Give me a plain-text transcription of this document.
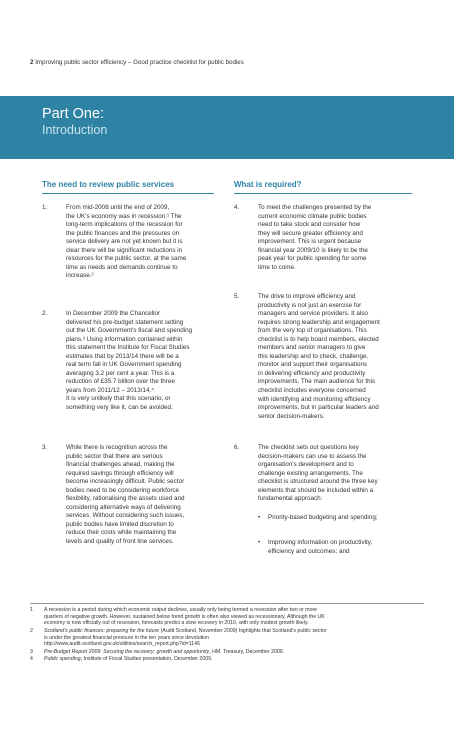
2 Improving public sector efficiency – Good practice checklist for public bodies
Part One:
Introduction
The need to review public services	What is required?
1.	From mid-2008 until the end of 2009,
the UK's economy was in recession.¹ The
long-term implications of the recession for
the public finances and the pressures on
service delivery are not yet known but it is
clear there will be significant reductions in
resources for the public sector, at the same
time as needs and demands continue to
increase.²
2.	In December 2009 the Chancellor
delivered his pre-budget statement setting
out the UK Government's fiscal and spending
plans.³ Using information contained within
this statement the Institute for Fiscal Studies
estimates that by 2013/14 there will be a
real term fall in UK Government spending
averaging 3.2 per cent a year. This is a
reduction of £35.7 billion over the three
years from 2011/12 – 2013/14.⁴
It is very unlikely that this scenario, or
something very like it, can be avoided.
3.	While there is recognition across the
public sector that there are serious
financial challenges ahead, making the
required savings through efficiency will
become increasingly difficult. Public sector
bodies need to be considering workforce
flexibility, rationalising the assets used and
considering alternative ways of delivering
services. Without considering such issues,
public bodies have limited discretion to
reduce their costs while maintaining the
levels and quality of front line services.
4.	To meet the challenges presented by the
current economic climate public bodies
need to take stock and consider how
they will secure greater efficiency and
improvement. This is urgent because
financial year 2009/10 is likely to be the
peak year for public spending for some
time to come.
5.	The drive to improve efficiency and
productivity is not just an exercise for
managers and service providers. It also
requires strong leadership and engagement
from the very top of organisations. This
checklist is to help board members, elected
members and senior managers to give
this leadership and to check, challenge,
monitor and support their organisations
in delivering efficiency and productivity
improvements. The main audience for this
checklist includes everyone concerned
with identifying and monitoring efficiency
improvements, but in particular leaders and
senior decision-makers.
6.	The checklist sets out questions key
decision-makers can use to assess the
organisation's development and to
challenge existing arrangements. The
checklist is structured around the three key
elements that should be included within a
fundamental approach:
• Priority-based budgeting and spending;
• Improving information on productivity,
efficiency and outcomes; and
1 A recession is a period during which economic output declines, usually only being termed a recession after two or more
quarters of negative growth. However, sustained below trend growth is often also viewed as recessionary. Although the UK
economy is now officially out of recession, forecasts predict a slow recovery in 2010, with only modest growth likely.
2 Scotland's public finances: preparing for the future (Audit Scotland, November 2009) highlights that Scotland's public sector
is under the greatest financial pressure in the ten years since devolution
http://www.audit-scotland.gov.uk/utilities/search_report.php?id=1146
3 Pre-Budget Report 2009: Securing the recovery: growth and opportunity, HM. Treasury, December 2009.
4 Public spending, Institute of Fiscal Studies presentation, December 2009.
